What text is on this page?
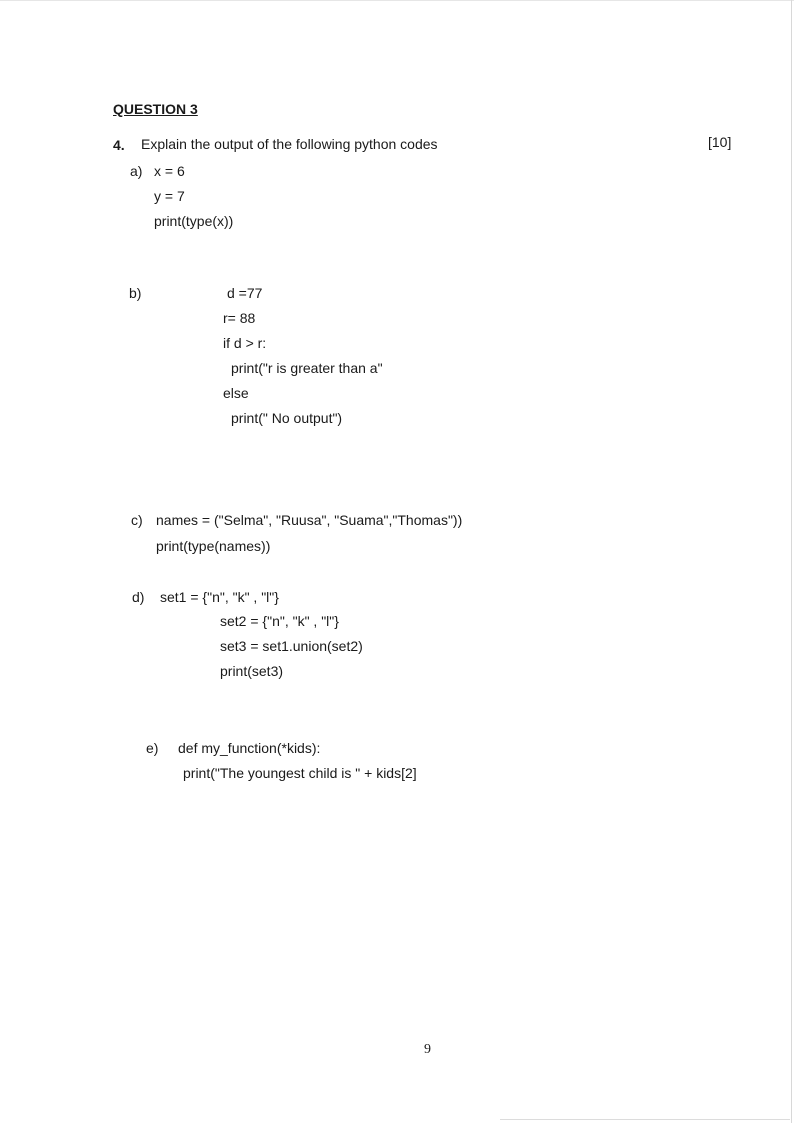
QUESTION 3
4. Explain the output of the following python codes	[10]
a) x = 6
y = 7
print(type(x))
b)	d =77
r= 88
if d > r:
print("r is greater than a"
else
print(" No output")
c) names = ("Selma", "Ruusa", "Suama","Thomas"))
print(type(names))
d) set1 = {"n", "k" , "l"}
set2 = {"n", "k" , "l"}
set3 = set1.union(set2)
print(set3)
e) def my_function(*kids):
print("The youngest child is " + kids[2]
9
